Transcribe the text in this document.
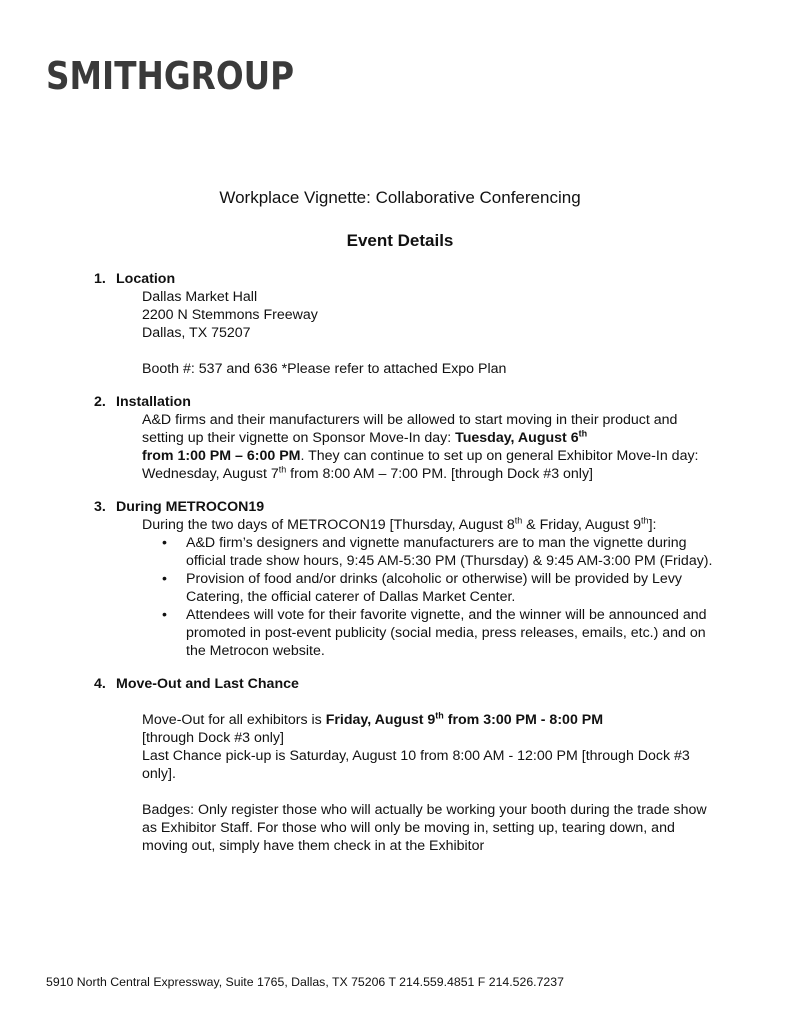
SMITHGROUP
Workplace Vignette: Collaborative Conferencing
Event Details
1. Location
Dallas Market Hall
2200 N Stemmons Freeway
Dallas, TX 75207
Booth #: 537 and 636 *Please refer to attached Expo Plan
2. Installation
A&D firms and their manufacturers will be allowed to start moving in their product and setting up their vignette on Sponsor Move-In day: Tuesday, August 6th
from 1:00 PM – 6:00 PM. They can continue to set up on general Exhibitor Move-In day: Wednesday, August 7th from 8:00 AM – 7:00 PM. [through Dock #3 only]
3. During METROCON19
During the two days of METROCON19 [Thursday, August 8th & Friday, August 9th]:
• A&D firm’s designers and vignette manufacturers are to man the vignette during official trade show hours, 9:45 AM-5:30 PM (Thursday) & 9:45 AM-3:00 PM (Friday).
• Provision of food and/or drinks (alcoholic or otherwise) will be provided by Levy Catering, the official caterer of Dallas Market Center.
• Attendees will vote for their favorite vignette, and the winner will be announced and promoted in post-event publicity (social media, press releases, emails, etc.) and on the Metrocon website.
4. Move-Out and Last Chance
Move-Out for all exhibitors is Friday, August 9th from 3:00 PM - 8:00 PM
[through Dock #3 only]
Last Chance pick-up is Saturday, August 10 from 8:00 AM - 12:00 PM [through Dock #3 only].
Badges: Only register those who will actually be working your booth during the trade show as Exhibitor Staff. For those who will only be moving in, setting up, tearing down, and moving out, simply have them check in at the Exhibitor
5910 North Central Expressway, Suite 1765, Dallas, TX 75206 T 214.559.4851 F 214.526.7237
